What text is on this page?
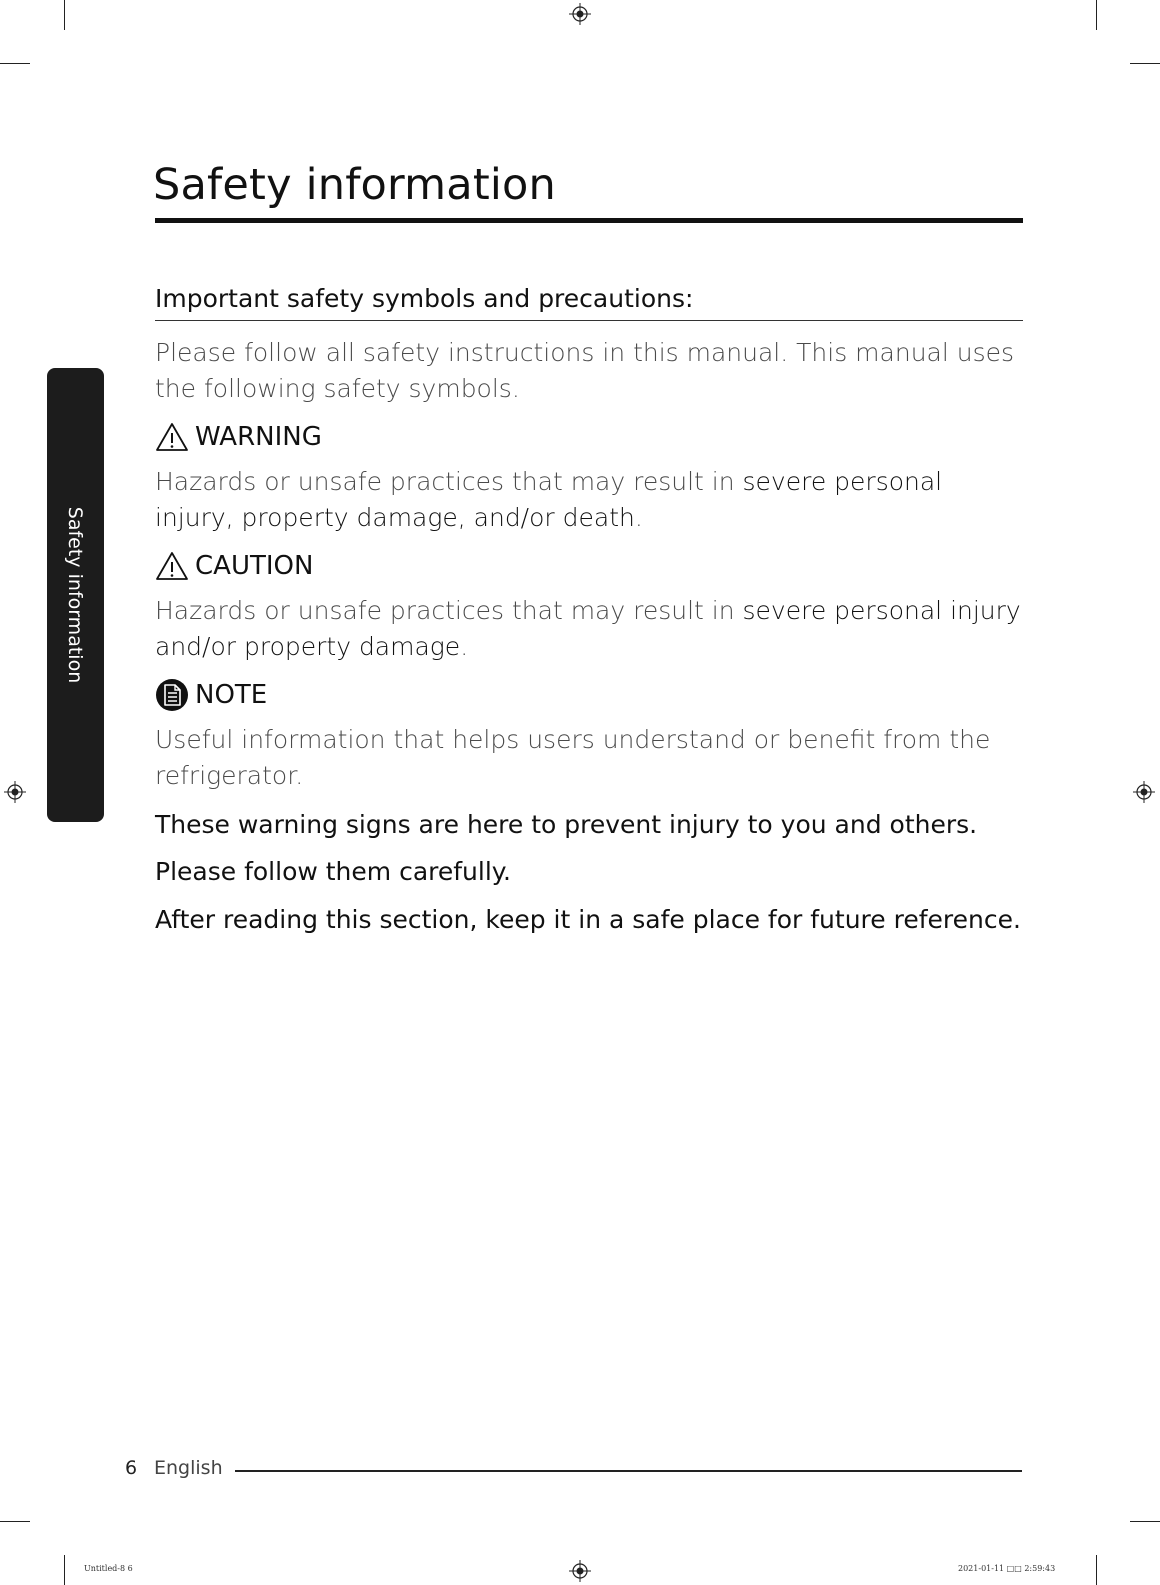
Safety information
Safety information
Important safety symbols and precautions:

Please follow all safety instructions in this manual. This manual uses the following safety symbols.

WARNING

Hazards or unsafe practices that may result in severe personal injury, property damage, and/or death.

CAUTION

Hazards or unsafe practices that may result in severe personal injury and/or property damage.

NOTE

Useful information that helps users understand or benefit from the refrigerator.

These warning signs are here to prevent injury to you and others.

Please follow them carefully.

After reading this section, keep it in a safe place for future reference.

6 English
Untitled-8 6	2021-01-11 □□ 2:59:43
